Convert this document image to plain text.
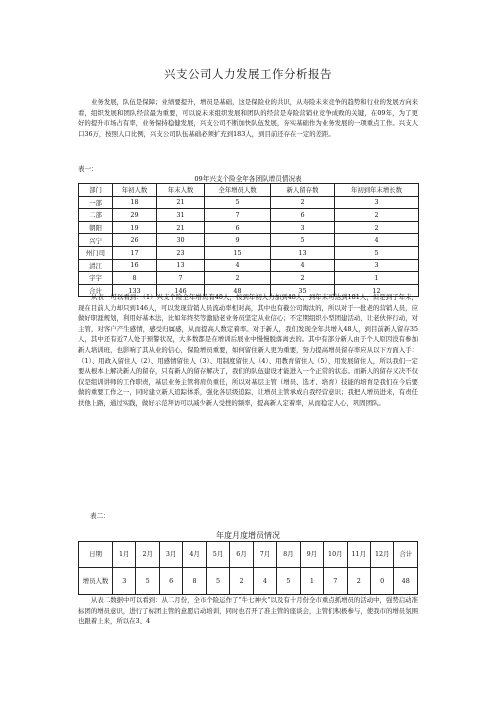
兴支公司人力发展工作分析报告

业务发展，队伍是保障；业绩要提升，增员是基础，这是保险业的共识，从寿险未来竞争的趋势和行业的发展方向来看，组织发展和团队经营最为重要，可以说未来组织发展和团队的经营是寿险营销业竞争成败的关键，在09年，为了更好的提升市场占有率，业务保持稳健发展，兴支公司不断加快队伍发展，夯实基础作为业务发展的一项重点工作。兴支人口36万，按照人口比例，兴支公司队伍基础必须扩充到183人，到目前还存在一定的差距。

表一：
09年兴支个险全年各团队增员情况表
部门	年初人数	年末人数	全年增员人数	新人留存数	年初到年末增长数
一部	18	21	5	2	3
二部	29	31	7	6	2
朝阳	19	21	6	3	2
兴宁	26	30	9	5	4
州门司	17	23	15	13	5
清江	16	13	4	4	3
宇宇	8	7	2	2	1
合计	133	146	48	35	12

从表一可以看到：（1）兴支个险全年增员有48人，按到年初人力加到48人，到年末可达到181人，但是到了年末，现在目前人力却只到146人，可以发现营销人员流动率相对高，其中也有截公司淘汰的，所以对于一批老的营销人员，应做好职涯规划，利用好基本法，比如年终奖等激励老业务员坚定从业信心；不定期组织小型团建活动，让老伙伴行动，对主管，对客户产生感情，感受归属感，从而提高人数定着率。对于新人，我们发现全年共增入48人，到目前新人留存35人，其中还有近7人处于预警状况，大多数都是在增训后展业中慢慢脱落离去的。其中有部分新人由于个人原因没有参加新人培训班，也影响了其从业的信心，保险增员重要，如何留住新人更为重要，努力提高增员留存率应从以下方面入手：（1）、用政入留住人（2）、用感情留住人（3）、用制度留住人（4）、用教育留住人（5）、用发展留住人，所以我们一定要从根本上解决新人的留存，只有新人的留存解决了，我们的队伍建设才能进入一个正常的状态。而新人的留存又决不仅仅是组训讲师的工作职责，基层业务主管将肩负重任，所以对基层主管（增员、选才、培育）技能的培育是我们在今后要做的重要工作之一，同时建立新人追踪体系，强化各层级追踪，让增员主管承成自我经营意识；我把人增员进来，有责任扶他上路，通过实践，做好示范拜访可以减少新人受挫的频率，提高新人定着率，从而稳定人心，巩固团队。

表二：
年度月度增员情况
日期	1月	2月	3月	4月	5月	6月	7月	8月	9月	10月	11月	12月	合计
增员人数	3	5	6	8	5	2	4	5	1	7	2	0	48

从表二数据中可以看到：从二月份，全市个险运作了“牛七神火”以及有十月份全市重点抓增员的活动中，强势启动准标团的增员意识，进行了标团主管的意愿启动培训，同时也召开了准主管的座谈会，主管们积极参与，使我市的增员氛围也跟着上来，所以在3、4
